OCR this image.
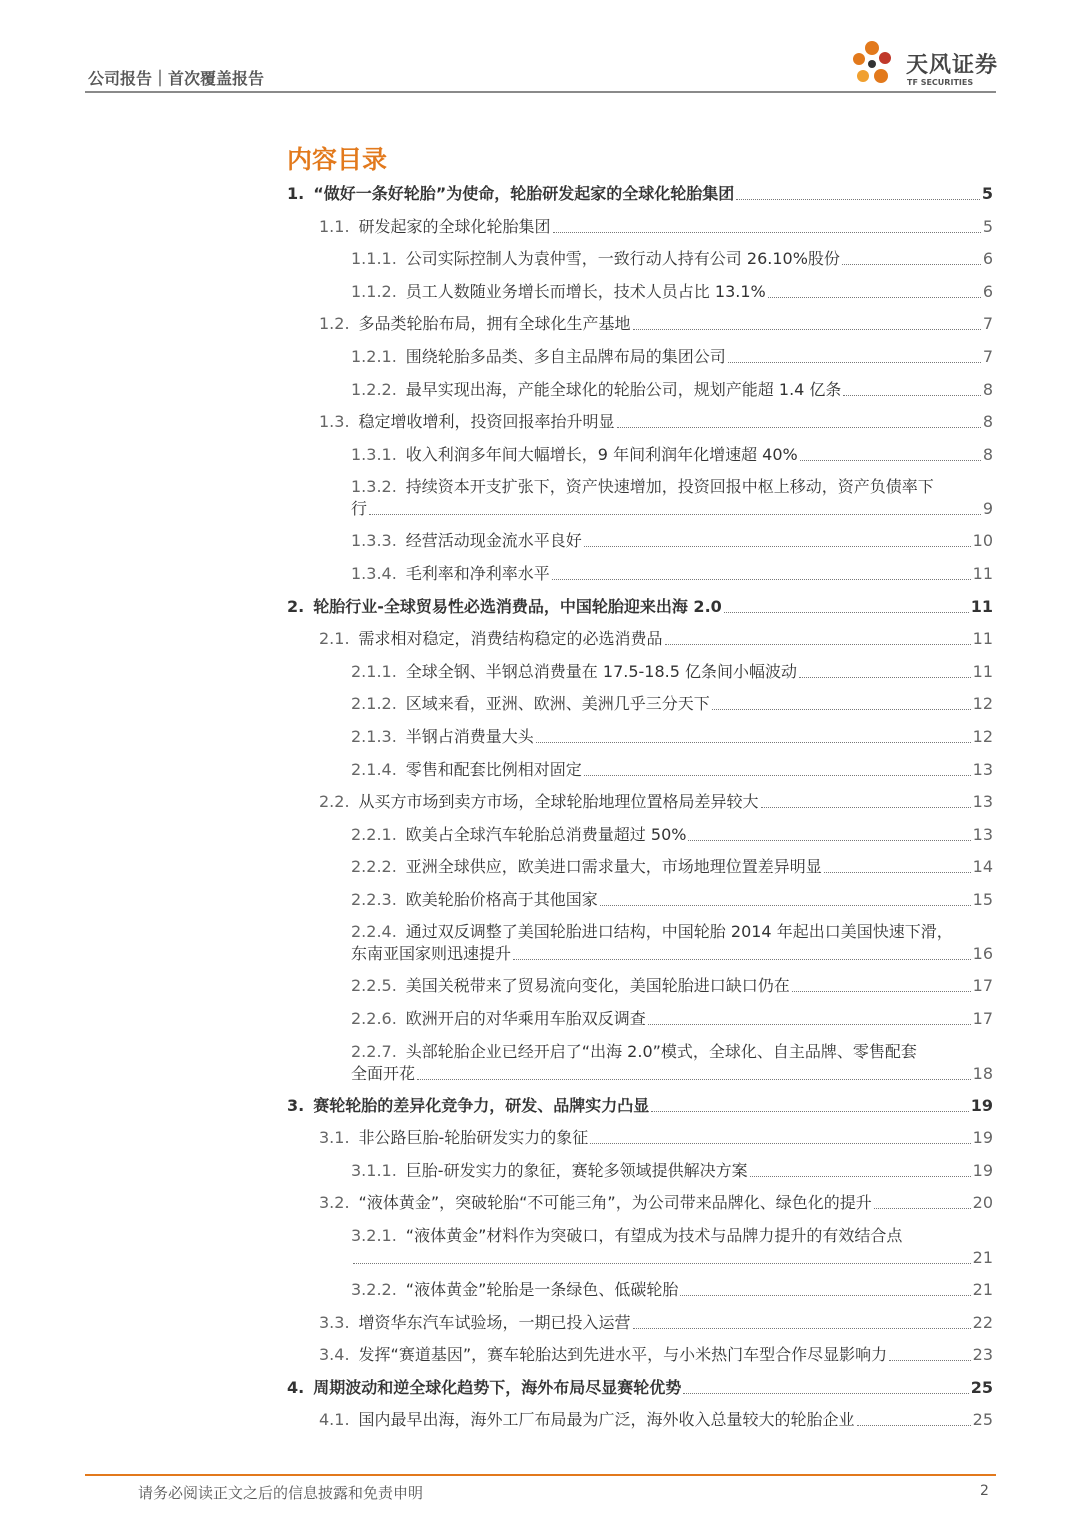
公司报告｜首次覆盖报告
天风证券
TF SECURITIES
内容目录
1. “做好一条好轮胎”为使命，轮胎研发起家的全球化轮胎集团	5
1.1. 研发起家的全球化轮胎集团	5
1.1.1. 公司实际控制人为袁仲雪，一致行动人持有公司 26.10%股份	6
1.1.2. 员工人数随业务增长而增长，技术人员占比 13.1%	6
1.2. 多品类轮胎布局，拥有全球化生产基地	7
1.2.1. 围绕轮胎多品类、多自主品牌布局的集团公司	7
1.2.2. 最早实现出海，产能全球化的轮胎公司，规划产能超 1.4 亿条	8
1.3. 稳定增收增利，投资回报率抬升明显	8
1.3.1. 收入利润多年间大幅增长，9 年间利润年化增速超 40%	8
1.3.2. 持续资本开支扩张下，资产快速增加，投资回报中枢上移动，资产负债率下
行	9
1.3.3. 经营活动现金流水平良好	10
1.3.4. 毛利率和净利率水平	11
2. 轮胎行业-全球贸易性必选消费品，中国轮胎迎来出海 2.0	11
2.1. 需求相对稳定，消费结构稳定的必选消费品	11
2.1.1. 全球全钢、半钢总消费量在 17.5-18.5 亿条间小幅波动	11
2.1.2. 区域来看，亚洲、欧洲、美洲几乎三分天下	12
2.1.3. 半钢占消费量大头	12
2.1.4. 零售和配套比例相对固定	13
2.2. 从买方市场到卖方市场，全球轮胎地理位置格局差异较大	13
2.2.1. 欧美占全球汽车轮胎总消费量超过 50%	13
2.2.2. 亚洲全球供应，欧美进口需求量大，市场地理位置差异明显	14
2.2.3. 欧美轮胎价格高于其他国家	15
2.2.4. 通过双反调整了美国轮胎进口结构，中国轮胎 2014 年起出口美国快速下滑，
东南亚国家则迅速提升	16
2.2.5. 美国关税带来了贸易流向变化，美国轮胎进口缺口仍在	17
2.2.6. 欧洲开启的对华乘用车胎双反调查	17
2.2.7. 头部轮胎企业已经开启了“出海 2.0”模式，全球化、自主品牌、零售配套
全面开花	18
3. 赛轮轮胎的差异化竞争力，研发、品牌实力凸显	19
3.1. 非公路巨胎-轮胎研发实力的象征	19
3.1.1. 巨胎-研发实力的象征，赛轮多领域提供解决方案	19
3.2. “液体黄金”，突破轮胎“不可能三角”，为公司带来品牌化、绿色化的提升	20
3.2.1. “液体黄金”材料作为突破口，有望成为技术与品牌力提升的有效结合点
21
3.2.2. “液体黄金”轮胎是一条绿色、低碳轮胎	21
3.3. 增资华东汽车试验场，一期已投入运营	22
3.4. 发挥“赛道基因”，赛车轮胎达到先进水平，与小米热门车型合作尽显影响力	23
4. 周期波动和逆全球化趋势下，海外布局尽显赛轮优势	25
4.1. 国内最早出海，海外工厂布局最为广泛，海外收入总量较大的轮胎企业	25
请务必阅读正文之后的信息披露和免责申明	2
